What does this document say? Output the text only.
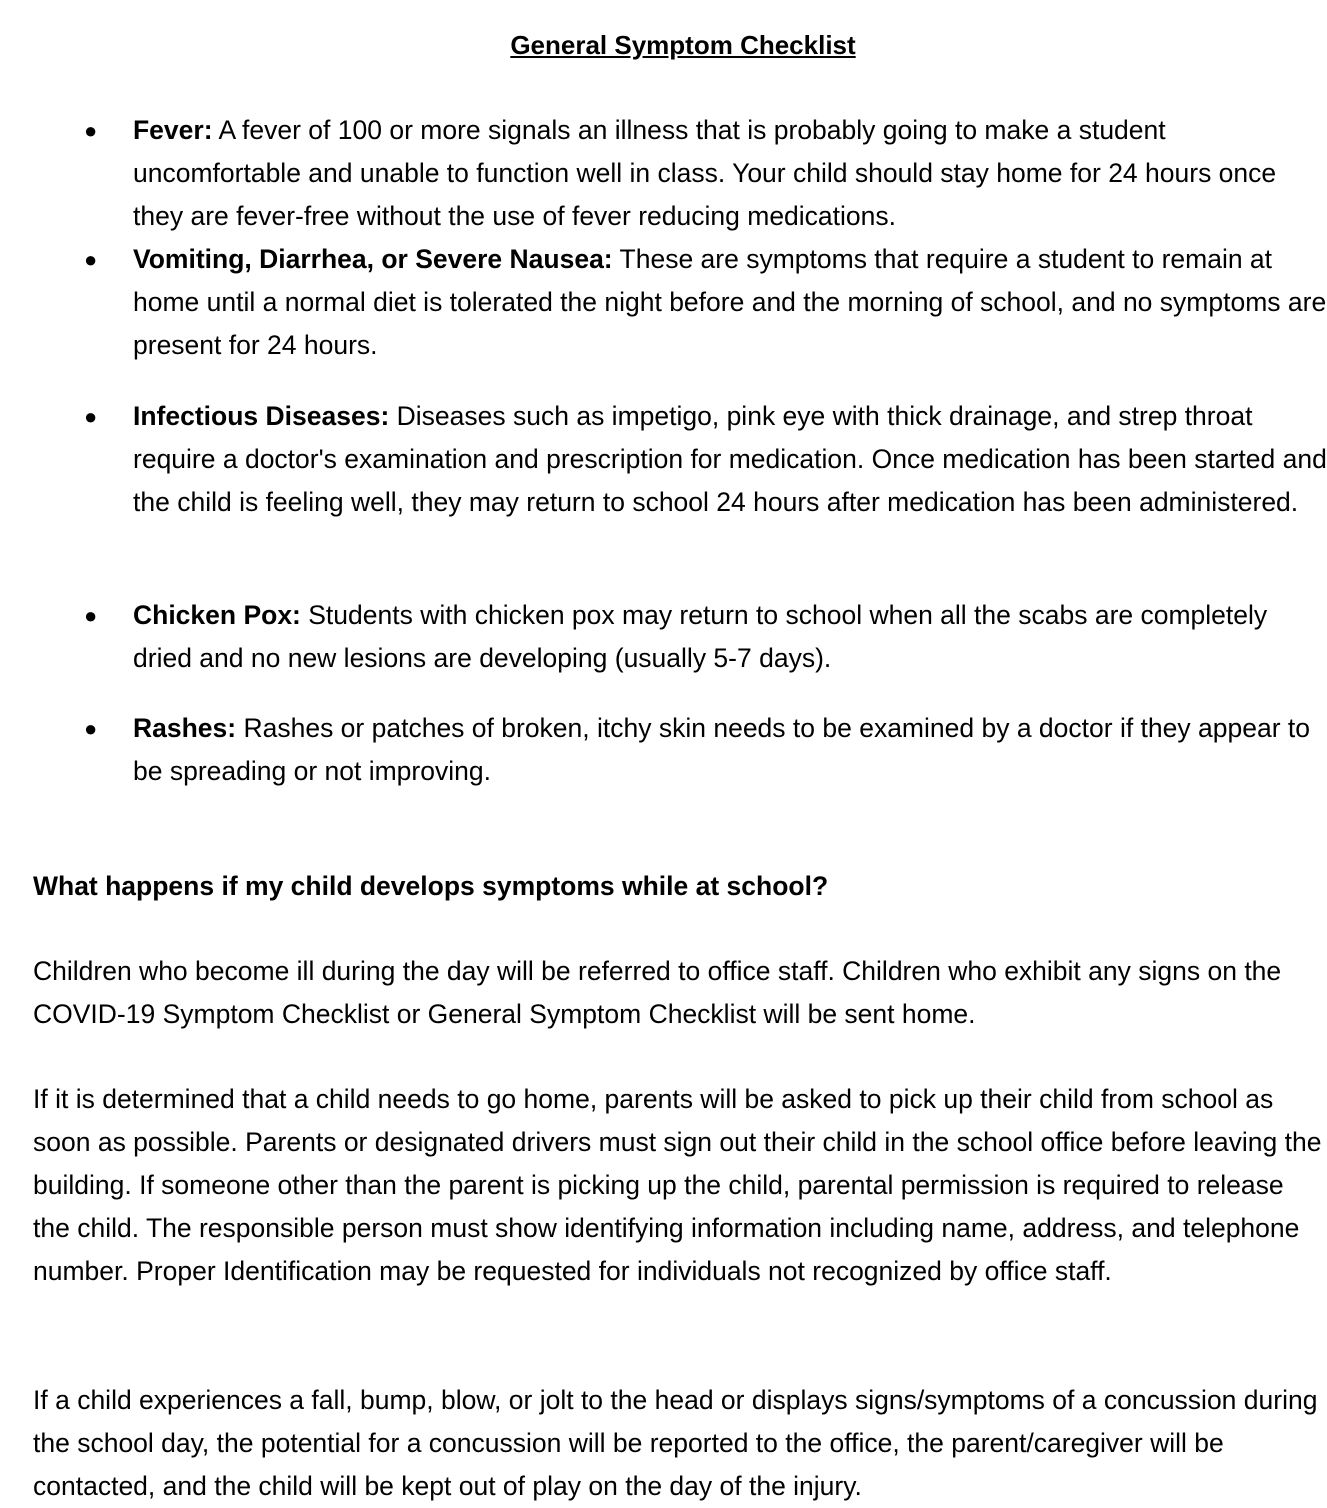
General Symptom Checklist
● Fever: A fever of 100 or more signals an illness that is probably going to make a student uncomfortable and unable to function well in class. Your child should stay home for 24 hours once they are fever-free without the use of fever reducing medications.

● Vomiting, Diarrhea, or Severe Nausea: These are symptoms that require a student to remain at home until a normal diet is tolerated the night before and the morning of school, and no symptoms are present for 24 hours.

● Infectious Diseases: Diseases such as impetigo, pink eye with thick drainage, and strep throat require a doctor's examination and prescription for medication. Once medication has been started and the child is feeling well, they may return to school 24 hours after medication has been administered.

● Chicken Pox: Students with chicken pox may return to school when all the scabs are completely dried and no new lesions are developing (usually 5-7 days).

● Rashes: Rashes or patches of broken, itchy skin needs to be examined by a doctor if they appear to be spreading or not improving.

What happens if my child develops symptoms while at school?

Children who become ill during the day will be referred to office staff. Children who exhibit any signs on the COVID-19 Symptom Checklist or General Symptom Checklist will be sent home.

If it is determined that a child needs to go home, parents will be asked to pick up their child from school as soon as possible. Parents or designated drivers must sign out their child in the school office before leaving the building. If someone other than the parent is picking up the child, parental permission is required to release the child. The responsible person must show identifying information including name, address, and telephone number. Proper Identification may be requested for individuals not recognized by office staff.

If a child experiences a fall, bump, blow, or jolt to the head or displays signs/symptoms of a concussion during the school day, the potential for a concussion will be reported to the office, the parent/caregiver will be contacted, and the child will be kept out of play on the day of the injury.
